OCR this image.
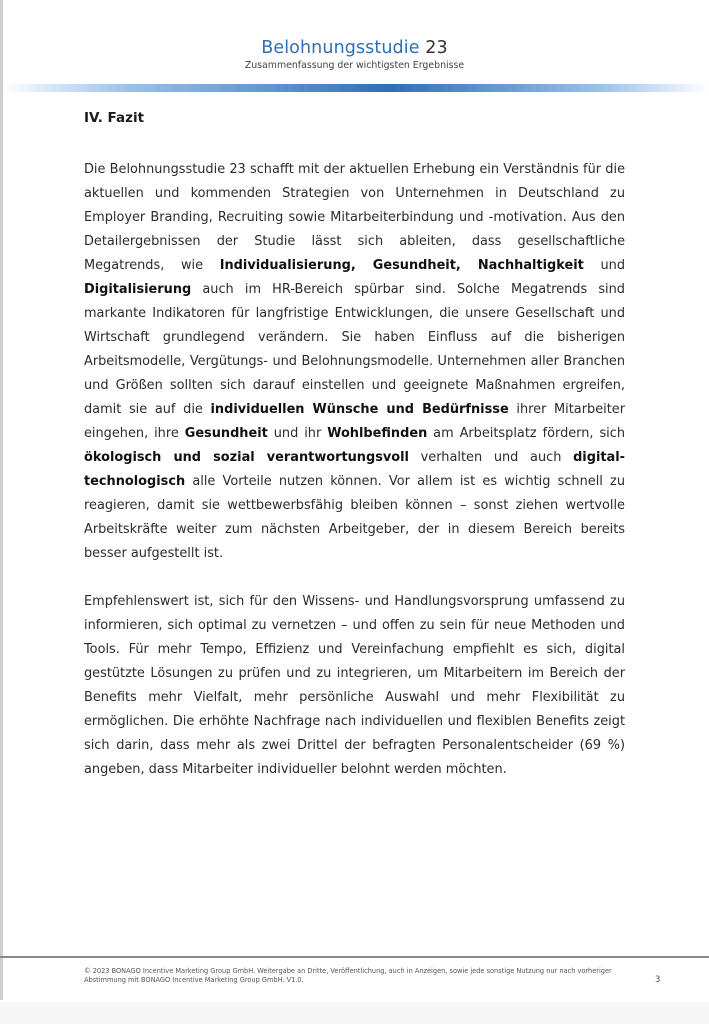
Belohnungsstudie 23
Zusammenfassung der wichtigsten Ergebnisse
IV. Fazit

Die Belohnungsstudie 23 schafft mit der aktuellen Erhebung ein Verständnis für die aktuellen und kommenden Strategien von Unternehmen in Deutschland zu Employer Branding, Recruiting sowie Mitarbeiterbindung und -motivation. Aus den Detailergebnissen der Studie lässt sich ableiten, dass gesellschaftliche Megatrends, wie Individualisierung, Gesundheit, Nachhaltigkeit und Digitalisierung auch im HR-Bereich spürbar sind. Solche Megatrends sind markante Indikatoren für langfristige Entwicklungen, die unsere Gesellschaft und Wirtschaft grundlegend verändern. Sie haben Einfluss auf die bisherigen Arbeitsmodelle, Vergütungs- und Belohnungsmodelle. Unternehmen aller Branchen und Größen sollten sich darauf einstellen und geeignete Maßnahmen ergreifen, damit sie auf die individuellen Wünsche und Bedürfnisse ihrer Mitarbeiter eingehen, ihre Gesundheit und ihr Wohlbefinden am Arbeitsplatz fördern, sich ökologisch und sozial verantwortungsvoll verhalten und auch digital-technologisch alle Vorteile nutzen können. Vor allem ist es wichtig schnell zu reagieren, damit sie wettbewerbsfähig bleiben können – sonst ziehen wertvolle Arbeitskräfte weiter zum nächsten Arbeitgeber, der in diesem Bereich bereits besser aufgestellt ist.

Empfehlenswert ist, sich für den Wissens- und Handlungsvorsprung umfassend zu informieren, sich optimal zu vernetzen – und offen zu sein für neue Methoden und Tools. Für mehr Tempo, Effizienz und Vereinfachung empfiehlt es sich, digital gestützte Lösungen zu prüfen und zu integrieren, um Mitarbeitern im Bereich der Benefits mehr Vielfalt, mehr persönliche Auswahl und mehr Flexibilität zu ermöglichen. Die erhöhte Nachfrage nach individuellen und flexiblen Benefits zeigt sich darin, dass mehr als zwei Drittel der befragten Personalentscheider (69 %) angeben, dass Mitarbeiter individueller belohnt werden möchten.

© 2023 BONAGO Incentive Marketing Group GmbH. Weitergabe an Dritte, Veröffentlichung, auch in Anzeigen, sowie jede sonstige Nutzung nur nach vorheriger Abstimmung mit BONAGO Incentive Marketing Group GmbH. V1.0.	3
